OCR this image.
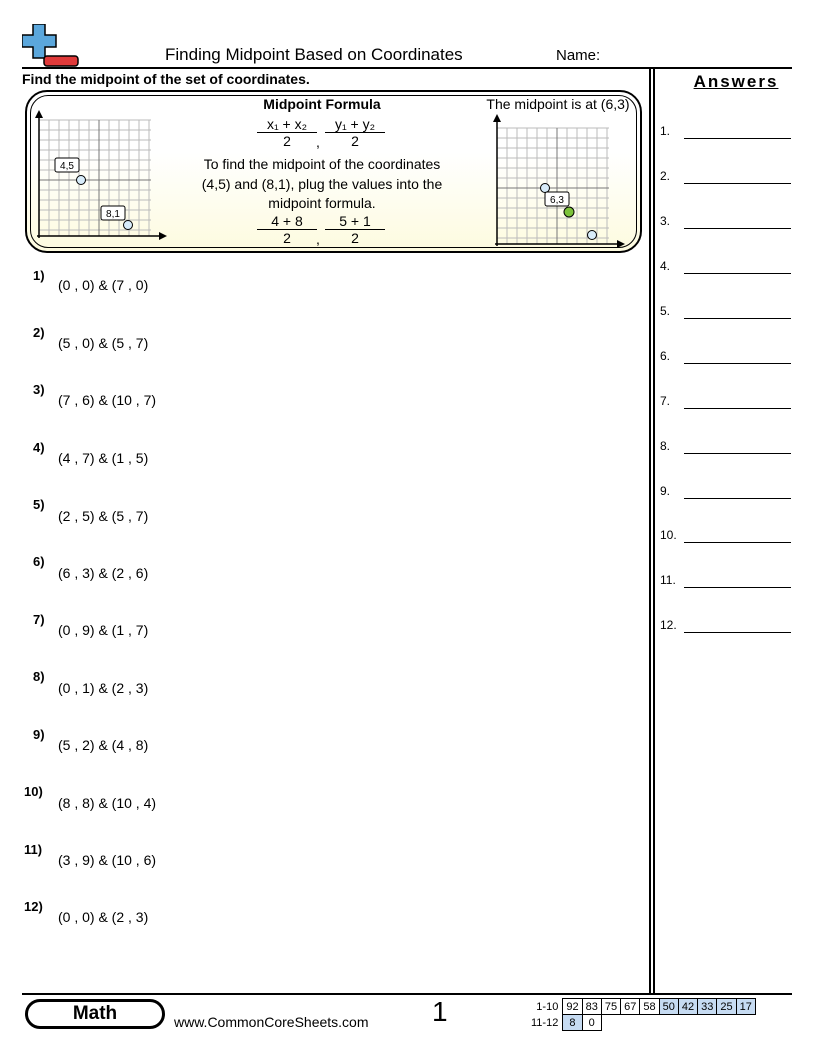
Finding Midpoint Based on Coordinates	Name:
Find the midpoint of the set of coordinates.	Answers
4,5
8,1
Midpoint Formula
$\frac{\text{x₁ + x₂}}{2}$ , $\frac{\text{y₁ + y₂}}{2}$
To find the midpoint of the coordinates
(4,5) and (8,1), plug the values into the
midpoint formula.
$\frac{4 + 8}{2}$ , $\frac{5 + 1}{2}$
The midpoint is at (6,3)
6,3
1)
(0 , 0) & (7 , 0)
2)
(5 , 0) & (5 , 7)
3)
(7 , 6) & (10 , 7)
4)
(4 , 7) & (1 , 5)
5)
(2 , 5) & (5 , 7)
6)
(6 , 3) & (2 , 6)
7)
(0 , 9) & (1 , 7)
8)
(0 , 1) & (2 , 3)
9)
(5 , 2) & (4 , 8)
10)
(8 , 8) & (10 , 4)
11)
(3 , 9) & (10 , 6)
12)
(0 , 0) & (2 , 3)
1.
2.
3.
4.
5.
6.
7.
8.
9.
10.
11.
12.
Math	www.CommonCoreSheets.com 1	1-10	92	83	75	67	58	50	42	33	25	17
11-12	8	0								
